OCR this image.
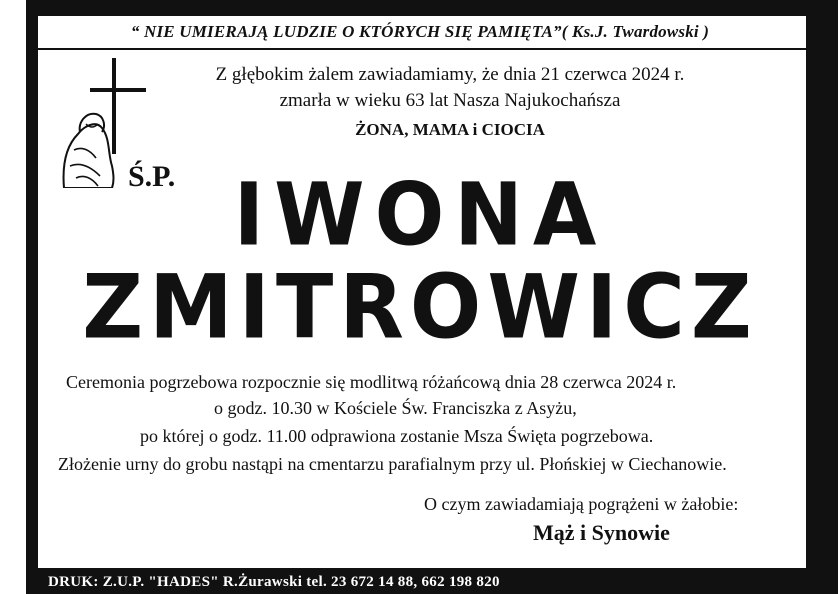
“ NIE UMIERAJĄ LUDZIE O KTÓRYCH SIĘ PAMIĘTA”( Ks.J. Twardowski )
Z głębokim żalem zawiadamiamy, że dnia 21 czerwca 2024 r.
zmarła w wieku 63 lat Nasza Najukochańsza
ŻONA, MAMA i CIOCIA
Ś.P. IWONA
ZMITROWICZ
Ceremonia pogrzebowa rozpocznie się modlitwą różańcową dnia 28 czerwca 2024 r.
o godz. 10.30 w Kościele Św. Franciszka z Asyżu,
po której o godz. 11.00 odprawiona zostanie Msza Święta pogrzebowa.
Złożenie urny do grobu nastąpi na cmentarzu parafialnym przy ul. Płońskiej w Ciechanowie.
O czym zawiadamiają pogrążeni w żałobie:
Mąż i Synowie
DRUK: Z.U.P. "HADES" R.Żurawski tel. 23 672 14 88, 662 198 820
